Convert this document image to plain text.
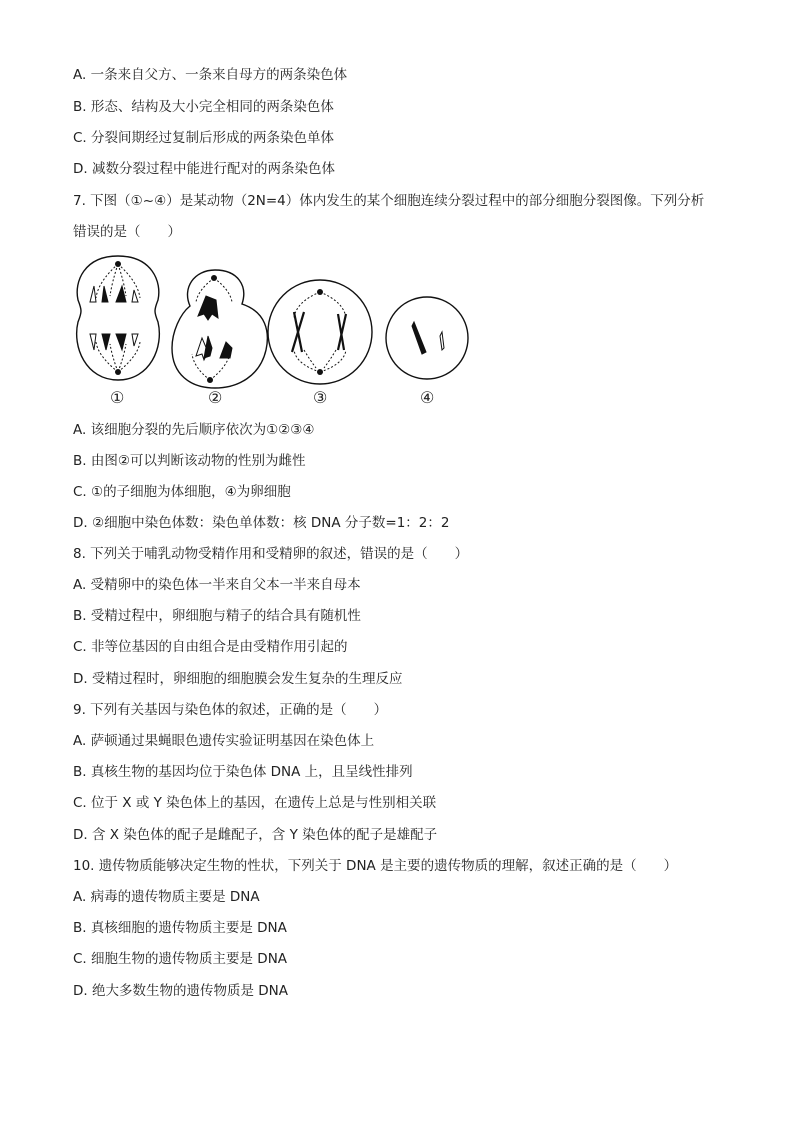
A. 一条来自父方、一条来自母方的两条染色体
B. 形态、结构及大小完全相同的两条染色体
C. 分裂间期经过复制后形成的两条染色单体
D. 减数分裂过程中能进行配对的两条染色体
7. 下图（①~④）是某动物（2N=4）体内发生的某个细胞连续分裂过程中的部分细胞分裂图像。下列分析
错误的是（　　）
①	②	③	④
A. 该细胞分裂的先后顺序依次为①②③④
B. 由图②可以判断该动物的性别为雌性
C. ①的子细胞为体细胞，④为卵细胞
D. ②细胞中染色体数：染色单体数：核 DNA 分子数=1：2：2
8. 下列关于哺乳动物受精作用和受精卵的叙述，错误的是（　　）
A. 受精卵中的染色体一半来自父本一半来自母本
B. 受精过程中，卵细胞与精子的结合具有随机性
C. 非等位基因的自由组合是由受精作用引起的
D. 受精过程时，卵细胞的细胞膜会发生复杂的生理反应
9. 下列有关基因与染色体的叙述，正确的是（　　）
A. 萨顿通过果蝇眼色遗传实验证明基因在染色体上
B. 真核生物的基因均位于染色体 DNA 上，且呈线性排列
C. 位于 X 或 Y 染色体上的基因，在遗传上总是与性别相关联
D. 含 X 染色体的配子是雌配子，含 Y 染色体的配子是雄配子
10. 遗传物质能够决定生物的性状，下列关于 DNA 是主要的遗传物质的理解，叙述正确的是（　　）
A. 病毒的遗传物质主要是 DNA
B. 真核细胞的遗传物质主要是 DNA
C. 细胞生物的遗传物质主要是 DNA
D. 绝大多数生物的遗传物质是 DNA
